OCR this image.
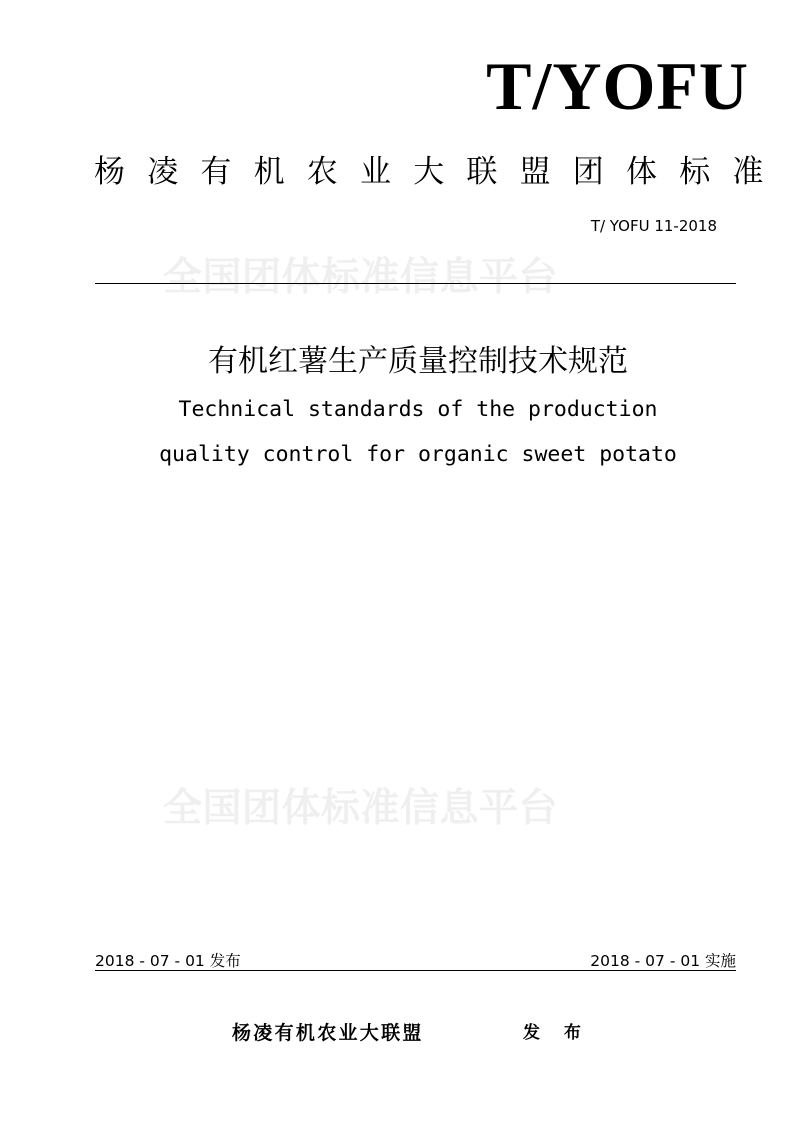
全国团体标准信息平台
全国团体标准信息平台
T/YOFU
杨凌有机农业大联盟团体标准
T/ YOFU 11-2018
有机红薯生产质量控制技术规范
Technical standards of the production
quality control for organic sweet potato
2018 - 07 - 01 发布	2018 - 07 - 01 实施
杨凌有机农业大联盟	发 布
